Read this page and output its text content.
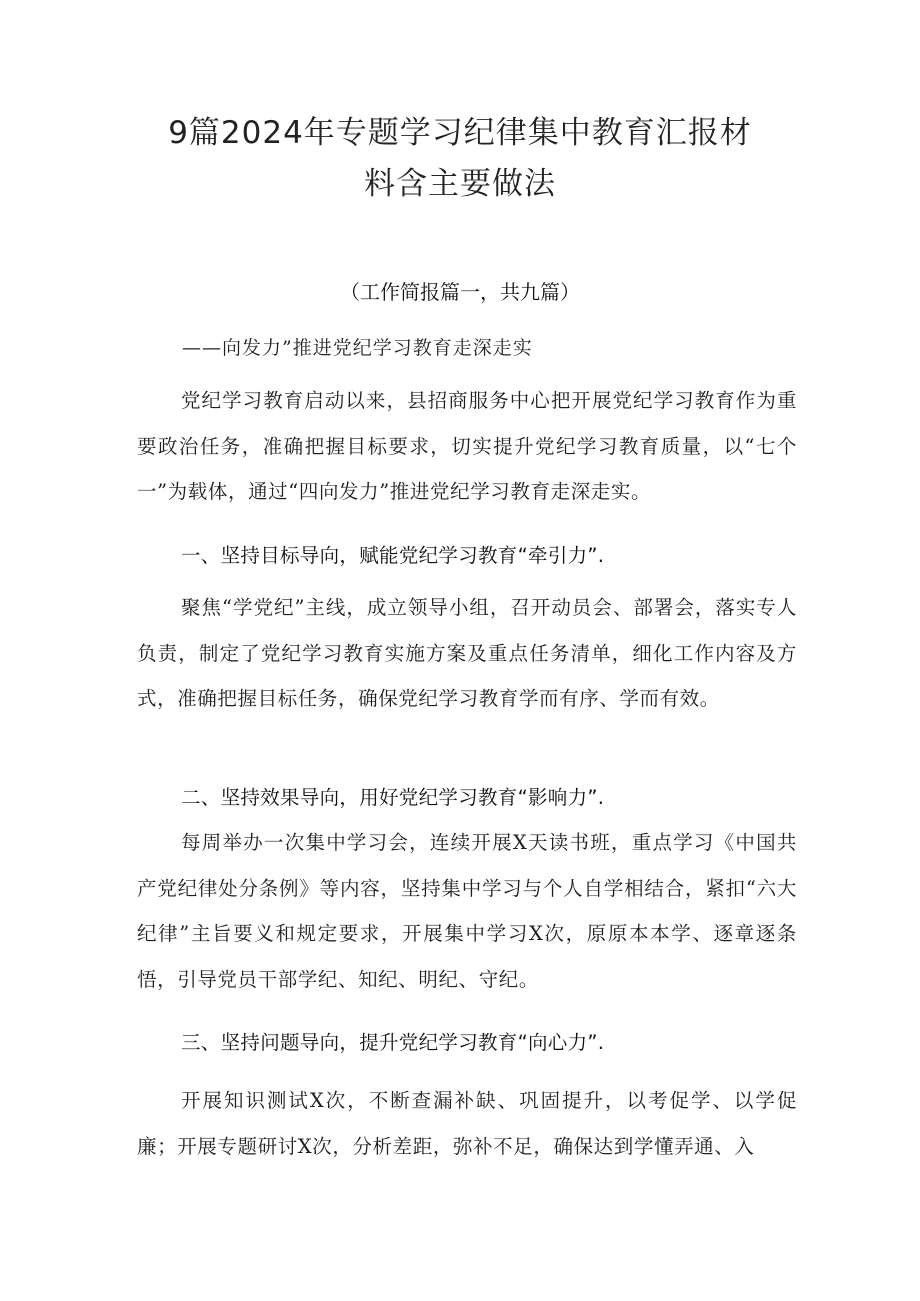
9篇2024年专题学习纪律集中教育汇报材
料含主要做法
（工作简报篇一，共九篇）
——向发力”推进党纪学习教育走深走实

党纪学习教育启动以来，县招商服务中心把开展党纪学习教育作为重要政治任务，准确把握目标要求，切实提升党纪学习教育质量，以“七个一”为载体，通过“四向发力”推进党纪学习教育走深走实。

一、坚持目标导向，赋能党纪学习教育“牵引力”.

聚焦“学党纪”主线，成立领导小组，召开动员会、部署会，落实专人负责，制定了党纪学习教育实施方案及重点任务清单，细化工作内容及方式，准确把握目标任务，确保党纪学习教育学而有序、学而有效。

二、坚持效果导向，用好党纪学习教育“影响力”.

每周举办一次集中学习会，连续开展X天读书班，重点学习《中国共产党纪律处分条例》等内容，坚持集中学习与个人自学相结合，紧扣“六大纪律”主旨要义和规定要求，开展集中学习X次，原原本本学、逐章逐条悟，引导党员干部学纪、知纪、明纪、守纪。

三、坚持问题导向，提升党纪学习教育“向心力”.

开展知识测试X次，不断查漏补缺、巩固提升，以考促学、以学促廉；开展专题研讨X次，分析差距，弥补不足，确保达到学懂弄通、入
